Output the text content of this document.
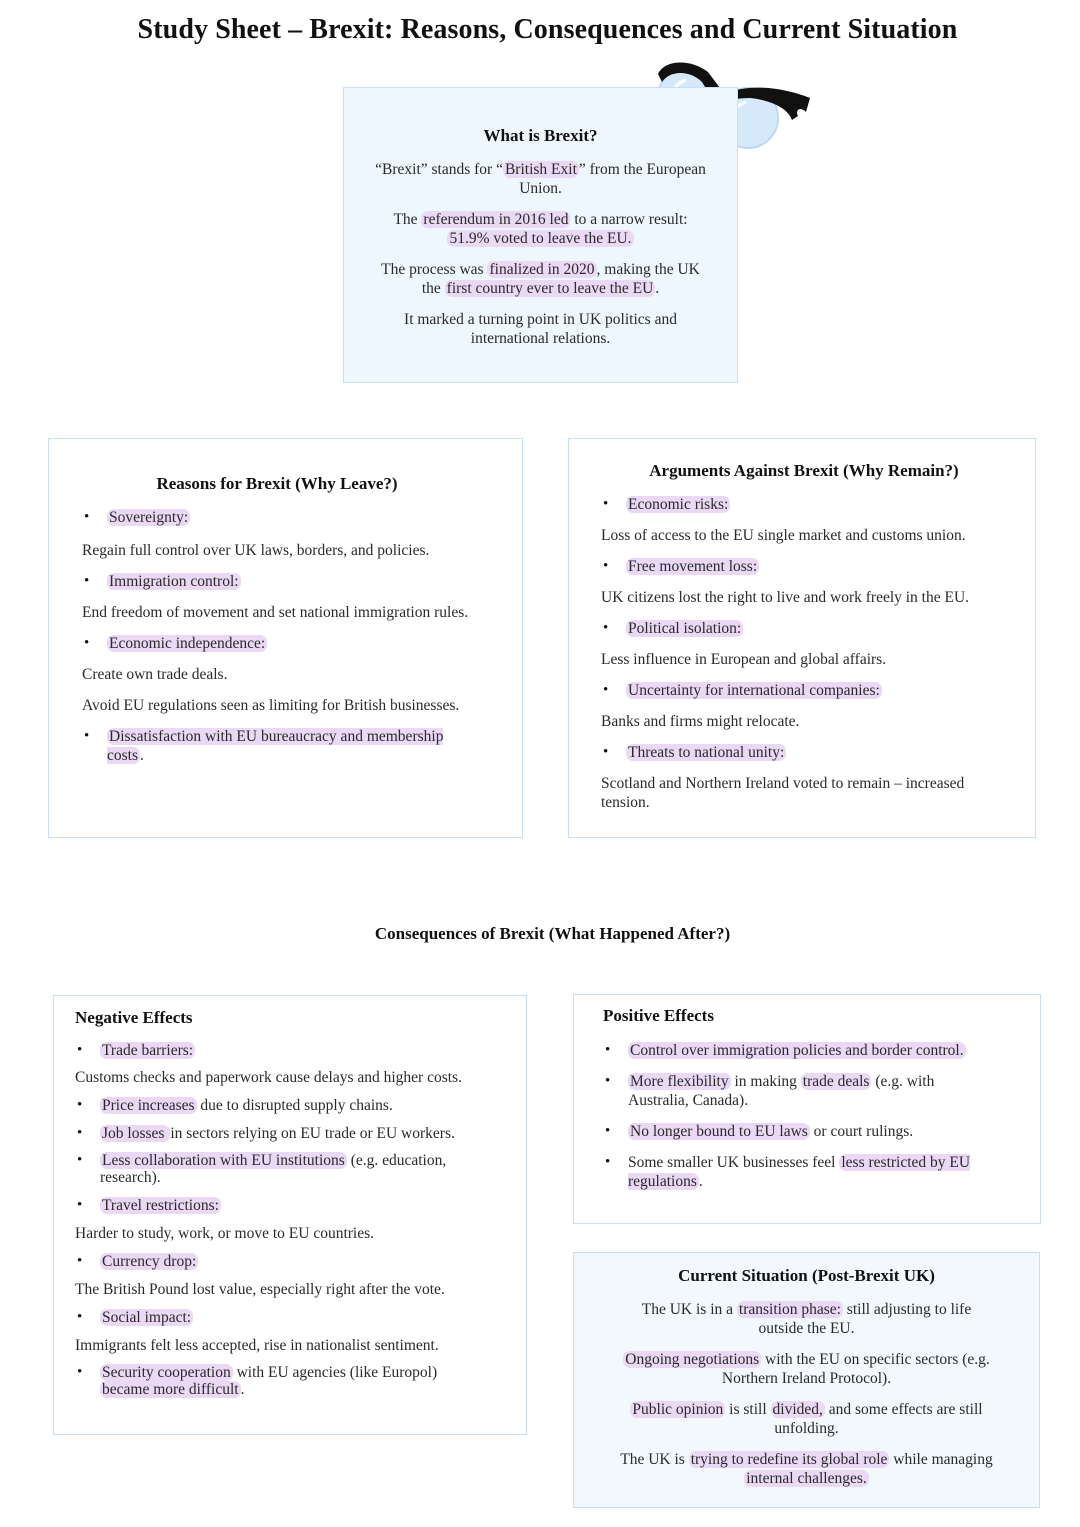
Study Sheet – Brexit: Reasons, Consequences and Current Situation
What is Brexit?

“Brexit” stands for “ British Exit ” from the European Union.

The referendum in 2016 led to a narrow result: 51.9% voted to leave the EU.

The process was finalized in 2020 , making the UK the first country ever to leave the EU .

It marked a turning point in UK politics and international relations.

Reasons for Brexit (Why Leave?)
• Sovereignty:

Regain full control over UK laws, borders, and policies.

• Immigration control:

End freedom of movement and set national immigration rules.

• Economic independence:

Create own trade deals.

Avoid EU regulations seen as limiting for British businesses.

• Dissatisfaction with EU bureaucracy and membership costs .
Arguments Against Brexit (Why Remain?)
• Economic risks:

Loss of access to the EU single market and customs union.

• Free movement loss:

UK citizens lost the right to live and work freely in the EU.

• Political isolation:

Less influence in European and global affairs.

• Uncertainty for international companies:

Banks and firms might relocate.

• Threats to national unity:

Scotland and Northern Ireland voted to remain – increased tension.

Consequences of Brexit (What Happened After?)
Negative Effects
• Trade barriers:

Customs checks and paperwork cause delays and higher costs.

• Price increases due to disrupted supply chains.
• Job losses in sectors relying on EU trade or EU workers.
• Less collaboration with EU institutions (e.g. education, research).
• Travel restrictions:

Harder to study, work, or move to EU countries.

• Currency drop:

The British Pound lost value, especially right after the vote.

• Social impact:

Immigrants felt less accepted, rise in nationalist sentiment.

• Security cooperation with EU agencies (like Europol) became more difficult .
Positive Effects
• Control over immigration policies and border control.
• More flexibility in making trade deals (e.g. with Australia, Canada).
• No longer bound to EU laws or court rulings.
• Some smaller UK businesses feel less restricted by EU regulations .
Current Situation (Post-Brexit UK)

The UK is in a transition phase: still adjusting to life outside the EU.

Ongoing negotiations with the EU on specific sectors (e.g. Northern Ireland Protocol).

Public opinion is still divided, and some effects are still unfolding.

The UK is trying to redefine its global role while managing internal challenges.
